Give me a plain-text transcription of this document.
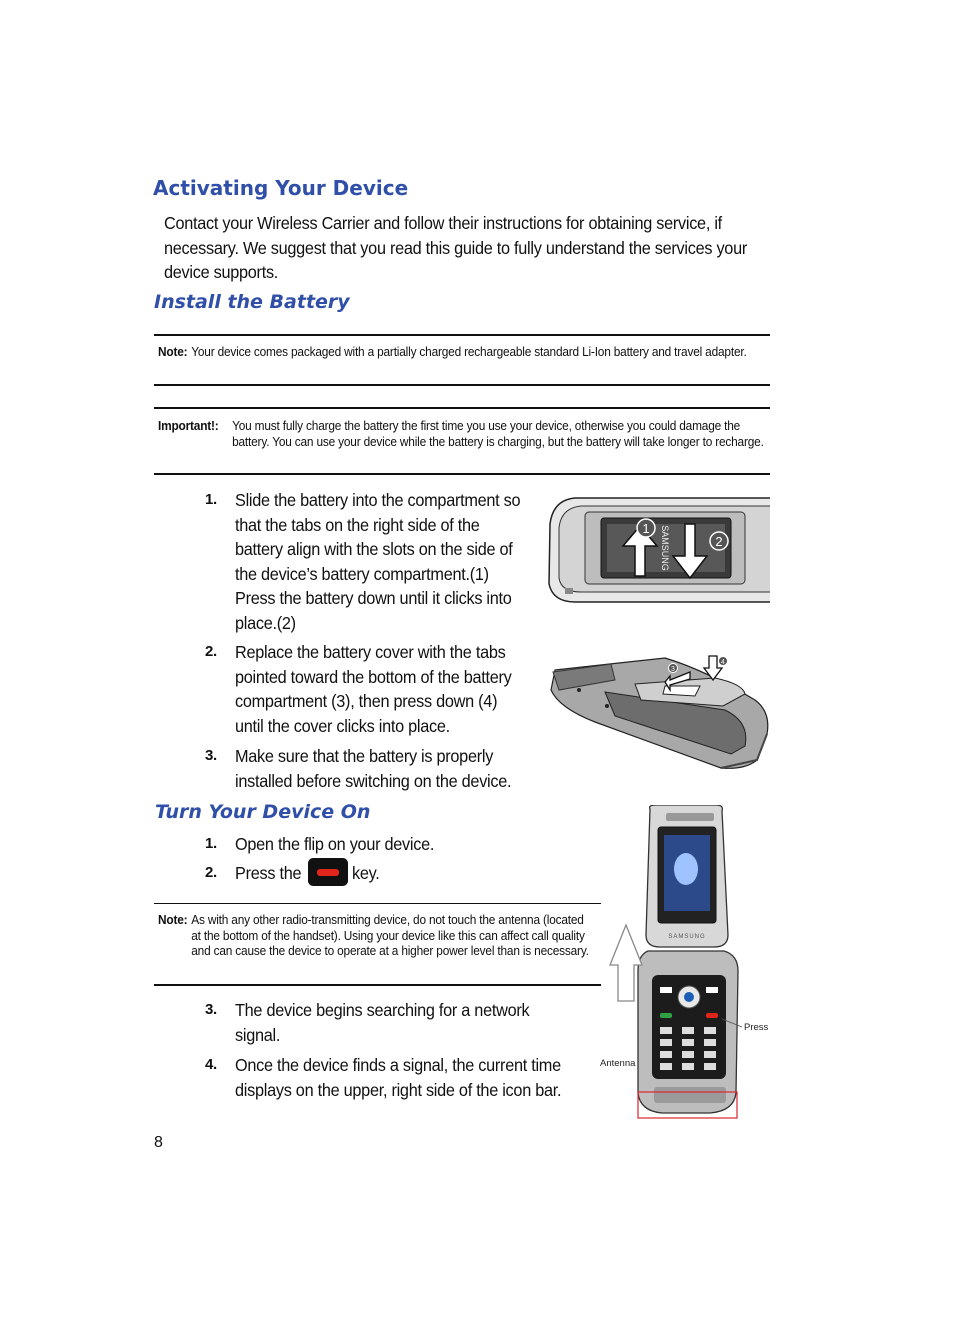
Activating Your Device

Contact your Wireless Carrier and follow their instructions for obtaining service, if necessary. We suggest that you read this guide to fully understand the services your device supports.

Install the Battery
Note: Your device comes packaged with a partially charged rechargeable standard Li-Ion battery and travel adapter.
Important!: You must fully charge the battery the first time you use your device, otherwise you could damage the battery. You can use your device while the battery is charging, but the battery will take longer to recharge.
1. Slide the battery into the compartment so that the tabs on the right side of the battery align with the slots on the side of the device’s battery compartment.(1) Press the battery down until it clicks into place.(2)
2. Replace the battery cover with the tabs pointed toward the bottom of the battery compartment (3), then press down (4) until the cover clicks into place.
3. Make sure that the battery is properly installed before switching on the device.
SAMSUNG
1
2
3
4
Turn Your Device On
1. Open the flip on your device.
2. Press the	key.
Note: As with any other radio-transmitting device, do not touch the antenna (located at the bottom of the handset). Using your device like this can affect call quality and can cause the device to operate at a higher power level than is necessary.
3. The device begins searching for a network signal.
4. Once the device finds a signal, the current time displays on the upper, right side of the icon bar.
SAMSUNG
Press
Antenna
8
